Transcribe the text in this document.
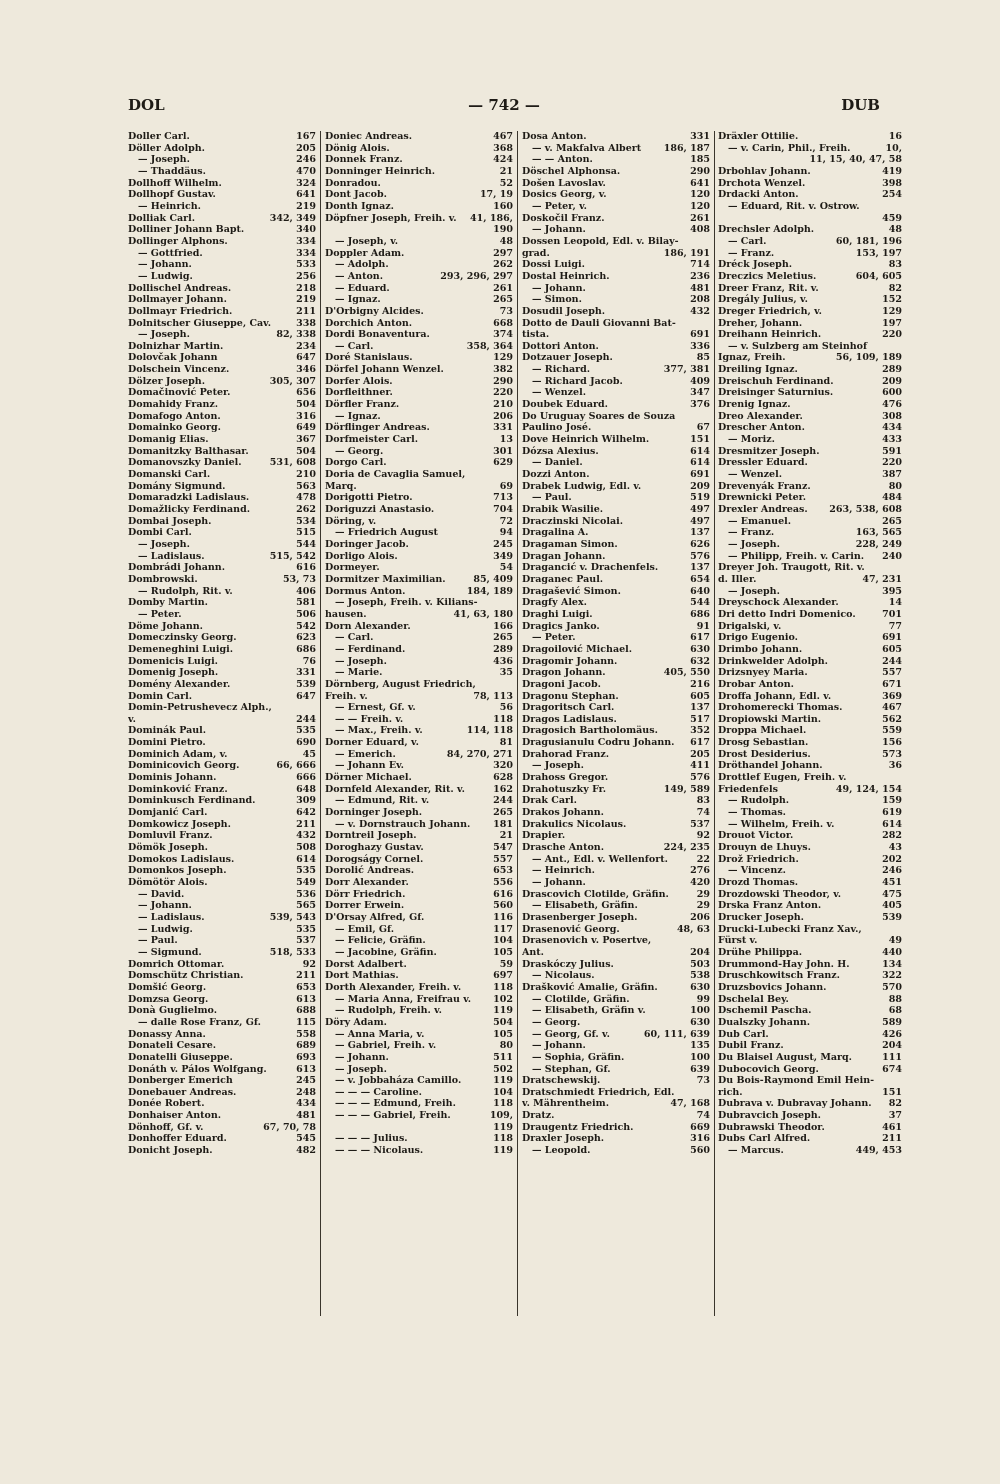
DOL	— 742 —	DUB
Doller Carl.	167
Döller Adolph.	205
— Joseph.	246
— Thaddäus.	470
Dollhoff Wilhelm.	324
Dollhopf Gustav.	641
— Heinrich.	219
Dolliak Carl.	342, 349
Dolliner Johann Bapt.	340
Dollinger Alphons.	334
— Gottfried.	334
— Johann.	533
— Ludwig.	256
Dollischel Andreas.	218
Dollmayer Johann.	219
Dollmayr Friedrich.	211
Dolnitscher Giuseppe, Cav.	338
— Joseph.	82, 338
Dolnizhar Martin.	234
Dolovčak Johann	647
Dolschein Vincenz.	346
Dölzer Joseph.	305, 307
Domačinović Peter.	656
Domahidy Franz.	504
Domafogo Anton.	316
Domainko Georg.	649
Domanig Elias.	367
Domanitzky Balthasar.	504
Domanovszky Daniel.	531, 608
Domanski Carl.	210
Domány Sigmund.	563
Domaradzki Ladislaus.	478
Domažlicky Ferdinand.	262
Dombai Joseph.	534
Dombi Carl.	515
— Joseph.	544
— Ladislaus.	515, 542
Dombrádi Johann.	616
Dombrowski.	53, 73
— Rudolph, Rit. v.	406
Domby Martin.	581
— Peter.	506
Döme Johann.	542
Domeczinsky Georg.	623
Demeneghini Luigi.	686
Domenicis Luigi.	76
Domenig Joseph.	331
Domény Alexander.	539
Domin Carl.	647
Domin-Petrushevecz Alph.,
v.	244
Dominák Paul.	535
Domini Pietro.	690
Dominich Adam, v.	45
Dominicovich Georg.	66, 666
Dominis Johann.	666
Dominković Franz.	648
Dominkusch Ferdinand.	309
Domjanić Carl.	642
Domkowicz Joseph.	211
Domluvil Franz.	432
Dömök Joseph.	508
Domokos Ladislaus.	614
Domonkos Joseph.	535
Dömötör Alois.	549
— David.	536
— Johann.	565
— Ladislaus.	539, 543
— Ludwig.	535
— Paul.	537
— Sigmund.	518, 533
Domrich Ottomar.	92
Domschütz Christian.	211
Domšić Georg.	653
Domzsa Georg.	613
Donà Guglielmo.	688
— dalle Rose Franz, Gf.	115
Donassy Anna.	558
Donateli Cesare.	689
Donatelli Giuseppe.	693
Donáth v. Pálos Wolfgang.	613
Donberger Emerich	245
Donebauer Andreas.	248
Donée Robert.	434
Donhaiser Anton.	481
Dönhoff, Gf. v.	67, 70, 78
Donhoffer Eduard.	545
Donicht Joseph.	482
Doniec Andreas.	467
Dönig Alois.	368
Donnek Franz.	424
Donninger Heinrich.	21
Donradou.	52
Dont Jacob.	17, 19
Donth Ignaz.	160
Döpfner Joseph, Freih. v. 41, 186,
190
— Joseph, v.	48
Doppler Adam.	297
— Adolph.	262
— Anton.	293, 296, 297
— Eduard.	261
— Ignaz.	265
D'Orbigny Alcides.	73
Dorchich Anton.	668
Dordi Bonaventura.	374
— Carl.	358, 364
Doré Stanislaus.	129
Dörfel Johann Wenzel.	382
Dorfer Alois.	290
Dorfleithner.	220
Dörfler Franz.	210
— Ignaz.	206
Dörflinger Andreas.	331
Dorfmeister Carl.	13
— Georg.	301
Dorgo Carl.	629
Doria de Cavaglia Samuel,
Marq.	69
Dorigotti Pietro.	713
Doriguzzi Anastasio.	704
Döring, v.	72
— Friedrich August	94
Doringer Jacob.	245
Dorligo Alois.	349
Dormeyer.	54
Dormitzer Maximilian.	85, 409
Dormus Anton.	184, 189
— Joseph, Freih. v. Kilians-
hausen.	41, 63, 180
Dorn Alexander.	166
— Carl.	265
— Ferdinand.	289
— Joseph.	436
— Marie.	35
Dörnberg, August Friedrich,
Freih. v.	78, 113
— Ernest, Gf. v.	56
— — Freih. v.	118
— Max., Freih. v.	114, 118
Dorner Eduard, v.	81
— Emerich.	84, 270, 271
— Johann Ev.	320
Dörner Michael.	628
Dornfeld Alexander, Rit. v.	162
— Edmund, Rit. v.	244
Dorninger Joseph.	265
— v. Dornstrauch Johann. 181
Dorntreil Joseph.	21
Doroghazy Gustav.	547
Dorogságy Cornel.	557
Dorolić Andreas.	653
Dorr Alexander.	556
Dörr Friedrich.	616
Dorrer Erwein.	560
D'Orsay Alfred, Gf.	116
— Emil, Gf.	117
— Felicie, Gräfin.	104
— Jacobine, Gräfin.	105
Dorst Adalbert.	59
Dort Mathias.	697
Dorth Alexander, Freih. v.	118
— Maria Anna, Freifrau v. 102
— Rudolph, Freih. v.	119
Döry Adam.	504
— Anna Maria, v.	105
— Gabriel, Freih. v.	80
— Johann.	511
— Joseph.	502
— v. Jobbaháza Camillo.	119
— — — Caroline.	104
— — — Edmund, Freih.	118
— — — Gabriel, Freih.	109,
119
— — — Julius.	118
— — — Nicolaus.	119
Dosa Anton.	331
— v. Makfalva Albert 186, 187
— — Anton.	185
Döschel Alphonsa.	290
Došen Lavoslav.	641
Dosics Georg, v.	120
— Peter, v.	120
Doskočil Franz.	261
— Johann.	408
Dossen Leopold, Edl. v. Bilay-
grad.	186, 191
Dossi Luigi.	714
Dostal Heinrich.	236
— Johann.	481
— Simon.	208
Dosudil Joseph.	432
Dotto de Dauli Giovanni Bat-
tista.	691
Dottori Anton.	336
Dotzauer Joseph.	85
— Richard.	377, 381
— Richard Jacob.	409
— Wenzel.	347
Doubek Eduard.	376
Do Uruguay Soares de Souza
Paulino José.	67
Dove Heinrich Wilhelm.	151
Dózsa Alexius.	614
— Daniel.	614
Dozzi Anton.	691
Drabek Ludwig, Edl. v.	209
— Paul.	519
Drabik Wasilie.	497
Draczinski Nicolai.	497
Dragalina A.	137
Dragaman Simon.	626
Dragan Johann.	576
Dragancić v. Drachenfels.	137
Draganec Paul.	654
Dragašević Simon.	640
Dragfy Alex.	544
Draghi Luigi.	686
Dragics Janko.	91
— Peter.	617
Dragoilović Michael.	630
Dragomir Johann.	632
Dragon Johann.	405, 550
Dragoni Jacob.	216
Dragonu Stephan.	605
Dragoritsch Carl.	137
Dragos Ladislaus.	517
Dragosich Bartholomäus.	352
Dragusianulu Codru Johann. 617
Drahorad Franz.	205
— Joseph.	411
Drahoss Gregor.	576
Drahotuszky Fr.	149, 589
Drak Carl.	83
Drakos Johann.	74
Drakulics Nicolaus.	537
Drapier.	92
Drasche Anton.	224, 235
— Ant., Edl. v. Wellenfort.	22
— Heinrich.	276
— Johann.	420
Drascovich Clotilde, Gräfin.	29
— Elisabeth, Gräfin.	29
Drasenberger Joseph.	206
Drasenović Georg.	48, 63
Drasenovich v. Posertve,
Ant.	204
Draskóczy Julius.	503
— Nicolaus.	538
Drašković Amalie, Gräfin.	630
— Clotilde, Gräfin.	99
— Elisabeth, Gräfin v.	100
— Georg.	630
— Georg, Gf. v.	60, 111, 639
— Johann.	135
— Sophia, Gräfin.	100
— Stephan, Gf.	639
Dratschewskij.	73
Dratschmiedt Friedrich, Edl.
v. Mährentheim.	47, 168
Dratz.	74
Draugentz Friedrich.	669
Draxler Joseph.	316
— Leopold.	560
Dräxler Ottilie.	16
— v. Carin, Phil., Freih.	10,
11, 15, 40, 47, 58
Drbohlav Johann.	419
Drchota Wenzel.	398
Drdacki Anton.	254
— Eduard, Rit. v. Ostrow.
459
Drechsler Adolph.	48
— Carl.	60, 181, 196
— Franz.	153, 197
Dréck Joseph.	83
Dreczics Meletius.	604, 605
Dreer Franz, Rit. v.	82
Dregály Julius, v.	152
Dreger Friedrich, v.	129
Dreher, Johann.	197
Dreihann Heinrich.	220
— v. Sulzberg am Steinhof
Ignaz, Freih.	56, 109, 189
Dreiling Ignaz.	289
Dreischuh Ferdinand.	209
Dreisinger Saturnius.	600
Drenig Ignaz.	476
Dreo Alexander.	308
Drescher Anton.	434
— Moriz.	433
Dresmitzer Joseph.	591
Dressler Eduard.	220
— Wenzel.	387
Drevenyák Franz.	80
Drewnicki Peter.	484
Drexler Andreas. 263, 538, 608
— Emanuel.	265
— Franz.	163, 565
— Joseph.	228, 249
— Philipp, Freih. v. Carin. 240
Dreyer Joh. Traugott, Rit. v.
d. Iller.	47, 231
— Joseph.	395
Dreyschock Alexander.	14
Dri detto Indri Domenico.	701
Drigalski, v.	77
Drigo Eugenio.	691
Drimbo Johann.	605
Drinkwelder Adolph.	244
Drizsnyey Maria.	557
Drobar Anton.	671
Droffa Johann, Edl. v.	369
Drohomerecki Thomas.	467
Dropiowski Martin.	562
Droppa Michael.	559
Drosg Sebastian.	156
Drost Desiderius.	573
Dröthandel Johann.	36
Drottlef Eugen, Freih. v.
Friedenfels	49, 124, 154
— Rudolph.	159
— Thomas.	619
— Wilhelm, Freih. v.	614
Drouot Victor.	282
Drouyn de Lhuys.	43
Drož Friedrich.	202
— Vincenz.	246
Drozd Thomas.	451
Drozdowski Theodor, v.	475
Drska Franz Anton.	405
Drucker Joseph.	539
Drucki-Lubecki Franz Xav.,
Fürst v.	49
Drühe Philippa.	440
Drummond-Hay John. H.	134
Druschkowitsch Franz.	322
Druzsbovics Johann.	570
Dschelal Bey.	88
Dschemil Pascha.	68
Dualszky Johann.	589
Dub Carl.	426
Dubil Franz.	204
Du Blaisel August, Marq.	111
Dubocovich Georg.	674
Du Bois-Raymond Emil Hein-
rich.	151
Dubrava v. Dubravay Johann. 82
Dubravcich Joseph.	37
Dubrawski Theodor.	461
Dubs Carl Alfred.	211
— Marcus.	449, 453
